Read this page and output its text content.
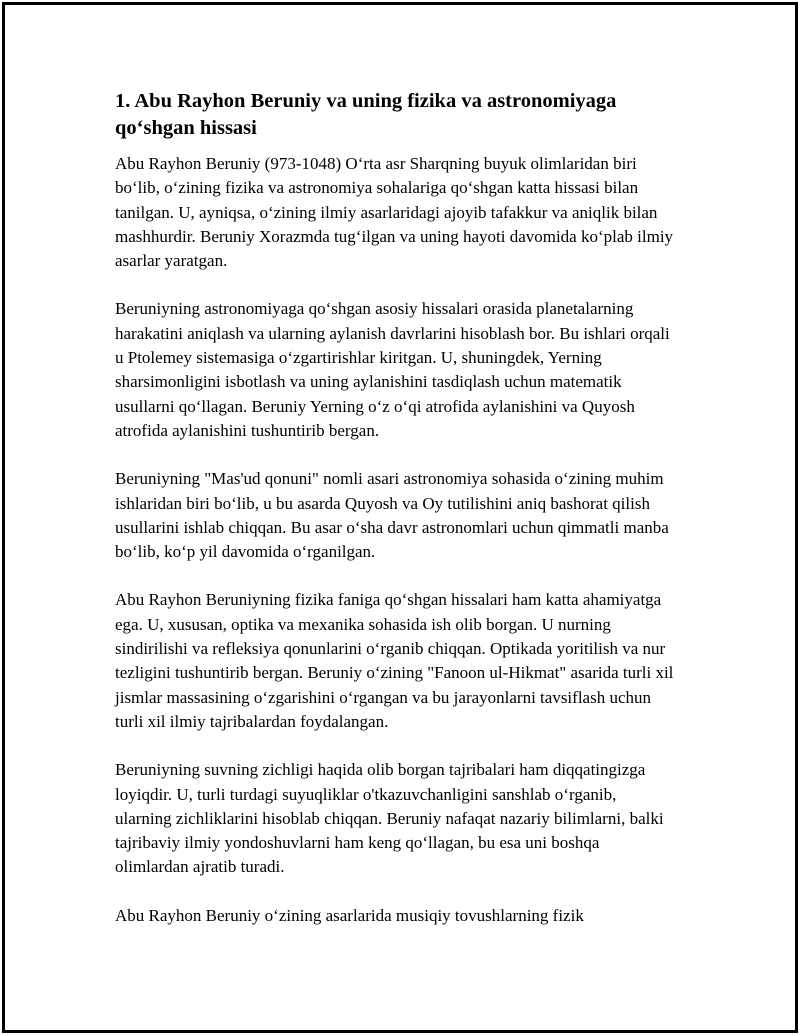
1. Abu Rayhon Beruniy va uning fizika va astronomiyaga qo‘shgan hissasi

Abu Rayhon Beruniy (973-1048) O‘rta asr Sharqning buyuk olimlaridan biri bo‘lib, o‘zining fizika va astronomiya sohalariga qo‘shgan katta hissasi bilan tanilgan. U, ayniqsa, o‘zining ilmiy asarlaridagi ajoyib tafakkur va aniqlik bilan mashhurdir. Beruniy Xorazmda tug‘ilgan va uning hayoti davomida ko‘plab ilmiy asarlar yaratgan.

Beruniyning astronomiyaga qo‘shgan asosiy hissalari orasida planetalarning harakatini aniqlash va ularning aylanish davrlarini hisoblash bor. Bu ishlari orqali u Ptolemey sistemasiga o‘zgartirishlar kiritgan. U, shuningdek, Yerning sharsimonligini isbotlash va uning aylanishini tasdiqlash uchun matematik usullarni qo‘llagan. Beruniy Yerning o‘z o‘qi atrofida aylanishini va Quyosh atrofida aylanishini tushuntirib bergan.

Beruniyning "Mas'ud qonuni" nomli asari astronomiya sohasida o‘zining muhim ishlaridan biri bo‘lib, u bu asarda Quyosh va Oy tutilishini aniq bashorat qilish usullarini ishlab chiqqan. Bu asar o‘sha davr astronomlari uchun qimmatli manba bo‘lib, ko‘p yil davomida o‘rganilgan.

Abu Rayhon Beruniyning fizika faniga qo‘shgan hissalari ham katta ahamiyatga ega. U, xususan, optika va mexanika sohasida ish olib borgan. U nurning sindirilishi va refleksiya qonunlarini o‘rganib chiqqan. Optikada yoritilish va nur tezligini tushuntirib bergan. Beruniy o‘zining "Fanoon ul-Hikmat" asarida turli xil jismlar massasining o‘zgarishini o‘rgangan va bu jarayonlarni tavsiflash uchun turli xil ilmiy tajribalardan foydalangan.

Beruniyning suvning zichligi haqida olib borgan tajribalari ham diqqatingizga loyiqdir. U, turli turdagi suyuqliklar o'tkazuvchanligini sanshlab o‘rganib, ularning zichliklarini hisoblab chiqqan. Beruniy nafaqat nazariy bilimlarni, balki tajribaviy ilmiy yondoshuvlarni ham keng qo‘llagan, bu esa uni boshqa olimlardan ajratib turadi.

Abu Rayhon Beruniy o‘zining asarlarida musiqiy tovushlarning fizik
